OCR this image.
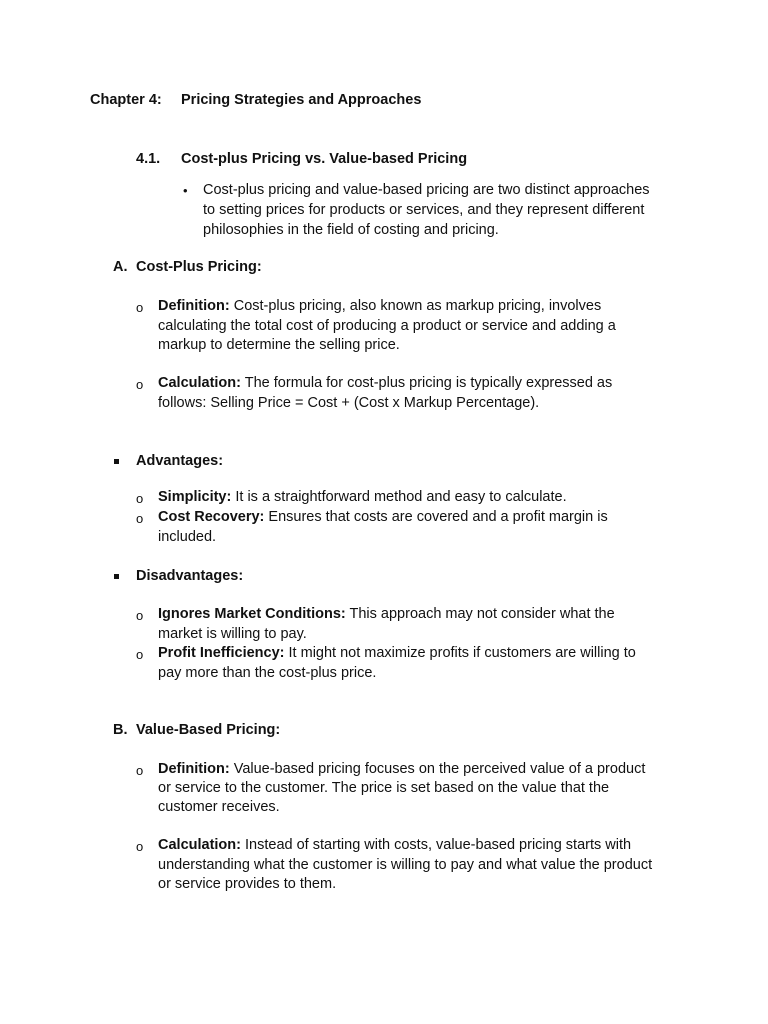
Chapter 4: Pricing Strategies and Approaches
4.1. Cost-plus Pricing vs. Value-based Pricing
• Cost-plus pricing and value-based pricing are two distinct approaches
to setting prices for products or services, and they represent different
philosophies in the field of costing and pricing.
A. Cost-Plus Pricing:
o Definition: Cost-plus pricing, also known as markup pricing, involves
calculating the total cost of producing a product or service and adding a
markup to determine the selling price.
o Calculation: The formula for cost-plus pricing is typically expressed as
follows: Selling Price = Cost + (Cost x Markup Percentage).
Advantages:
o Simplicity: It is a straightforward method and easy to calculate.
o Cost Recovery: Ensures that costs are covered and a profit margin is
included.
Disadvantages:
o Ignores Market Conditions: This approach may not consider what the
market is willing to pay.
o Profit Inefficiency: It might not maximize profits if customers are willing to
pay more than the cost-plus price.
B. Value-Based Pricing:
o Definition: Value-based pricing focuses on the perceived value of a product
or service to the customer. The price is set based on the value that the
customer receives.
o Calculation: Instead of starting with costs, value-based pricing starts with
understanding what the customer is willing to pay and what value the product
or service provides to them.
